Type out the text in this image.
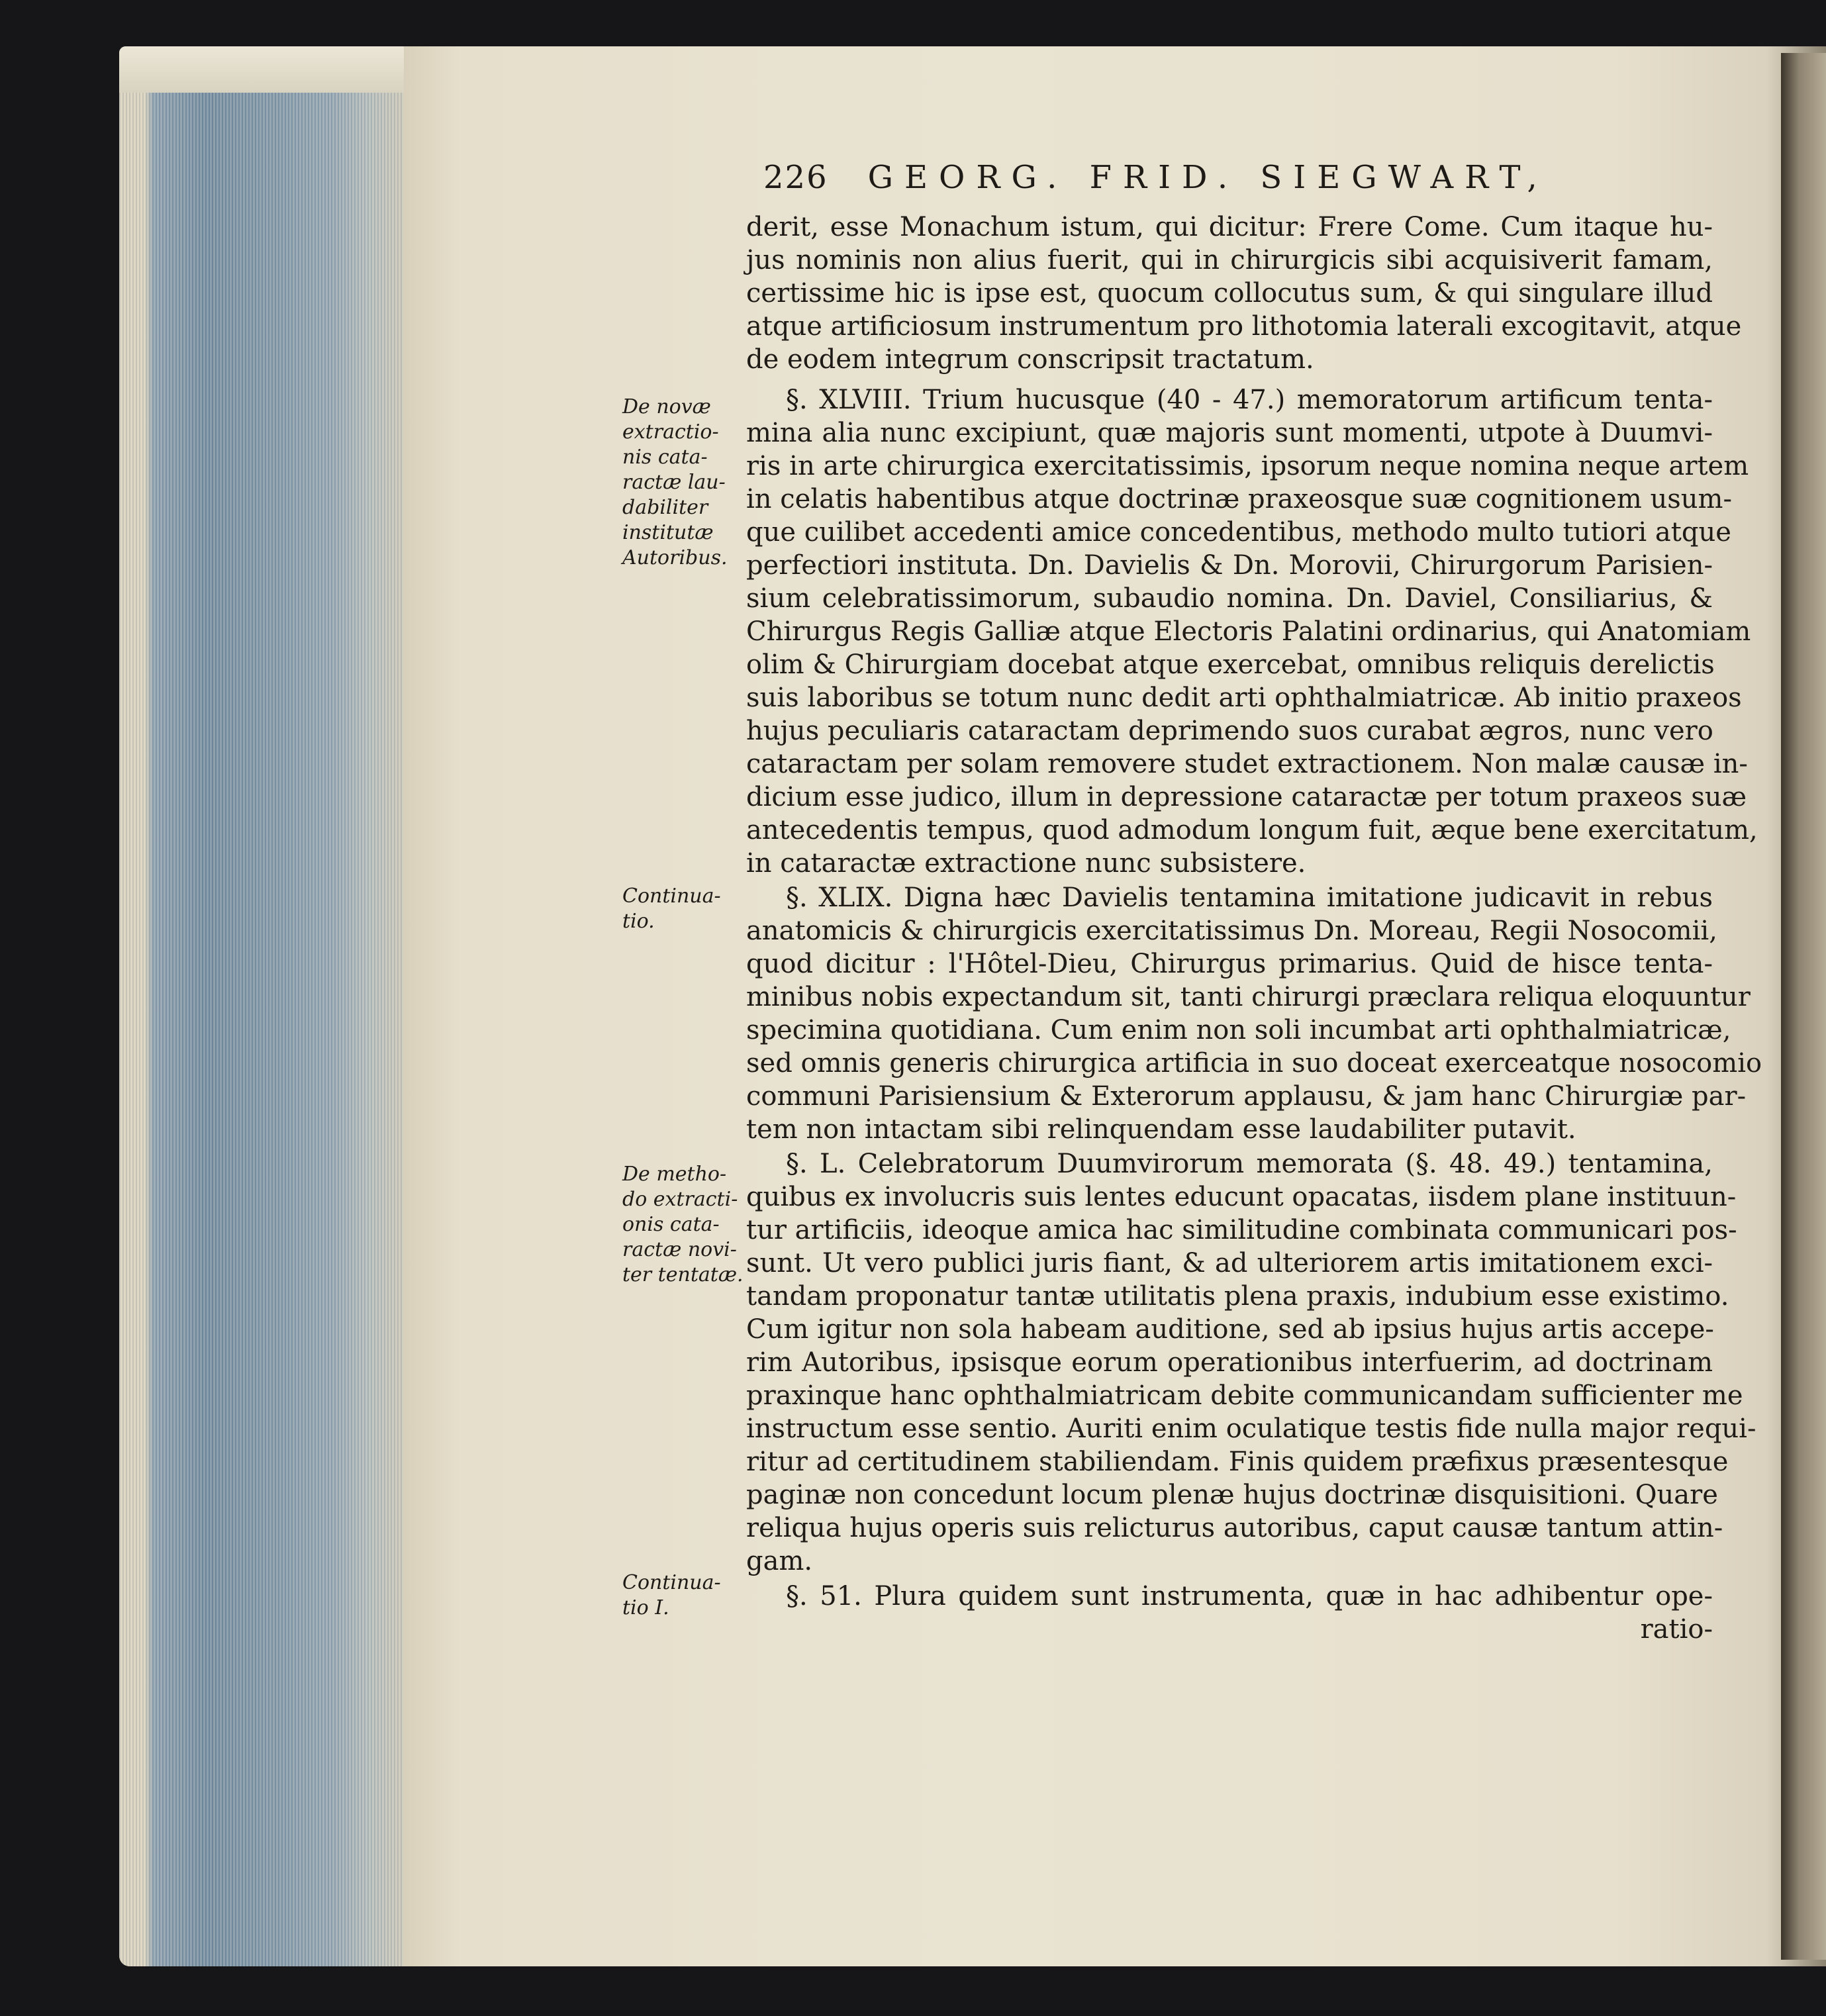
226 GEORG. FRID. SIEGWART,
derit, esse Monachum istum, qui dicitur: Frere Come. Cum itaque hu-
jus nominis non alius fuerit, qui in chirurgicis sibi acquisiverit famam,
certissime hic is ipse est, quocum collocutus sum, & qui singulare illud
atque artificiosum instrumentum pro lithotomia laterali excogitavit, atque
de eodem integrum conscripsit tractatum.
§. XLVIII. Trium hucusque (40 - 47.) memoratorum artificum tenta-
mina alia nunc excipiunt, quæ majoris sunt momenti, utpote à Duumvi-
ris in arte chirurgica exercitatissimis, ipsorum neque nomina neque artem
in celatis habentibus atque doctrinæ praxeosque suæ cognitionem usum-
que cuilibet accedenti amice concedentibus, methodo multo tutiori atque
perfectiori instituta. Dn. Davielis & Dn. Morovii, Chirurgorum Parisien-
sium celebratissimorum, subaudio nomina. Dn. Daviel, Consiliarius, &
Chirurgus Regis Galliæ atque Electoris Palatini ordinarius, qui Anatomiam
olim & Chirurgiam docebat atque exercebat, omnibus reliquis derelictis
suis laboribus se totum nunc dedit arti ophthalmiatricæ. Ab initio praxeos
hujus peculiaris cataractam deprimendo suos curabat ægros, nunc vero
cataractam per solam removere studet extractionem. Non malæ causæ in-
dicium esse judico, illum in depressione cataractæ per totum praxeos suæ
antecedentis tempus, quod admodum longum fuit, æque bene exercitatum,
in cataractæ extractione nunc subsistere.
§. XLIX. Digna hæc Davielis tentamina imitatione judicavit in rebus
anatomicis & chirurgicis exercitatissimus Dn. Moreau, Regii Nosocomii,
quod dicitur : l'Hôtel-Dieu, Chirurgus primarius. Quid de hisce tenta-
minibus nobis expectandum sit, tanti chirurgi præclara reliqua eloquuntur
specimina quotidiana. Cum enim non soli incumbat arti ophthalmiatricæ,
sed omnis generis chirurgica artificia in suo doceat exerceatque nosocomio
communi Parisiensium & Exterorum applausu, & jam hanc Chirurgiæ par-
tem non intactam sibi relinquendam esse laudabiliter putavit.
§. L. Celebratorum Duumvirorum memorata (§. 48. 49.) tentamina,
quibus ex involucris suis lentes educunt opacatas, iisdem plane instituun-
tur artificiis, ideoque amica hac similitudine combinata communicari pos-
sunt. Ut vero publici juris fiant, & ad ulteriorem artis imitationem exci-
tandam proponatur tantæ utilitatis plena praxis, indubium esse existimo.
Cum igitur non sola habeam auditione, sed ab ipsius hujus artis accepe-
rim Autoribus, ipsisque eorum operationibus interfuerim, ad doctrinam
praxinque hanc ophthalmiatricam debite communicandam sufficienter me
instructum esse sentio. Auriti enim oculatique testis fide nulla major requi-
ritur ad certitudinem stabiliendam. Finis quidem præfixus præsentesque
paginæ non concedunt locum plenæ hujus doctrinæ disquisitioni. Quare
reliqua hujus operis suis relicturus autoribus, caput causæ tantum attin-
gam.
§. 51. Plura quidem sunt instrumenta, quæ in hac adhibentur ope-
ratio-
De novæ
extractio-
nis cata-
ractæ lau-
dabiliter
institutæ
Autoribus.
Continua-
tio.
De metho-
do extracti-
onis cata-
ractæ novi-
ter tentatæ.
Continua-
tio I.
